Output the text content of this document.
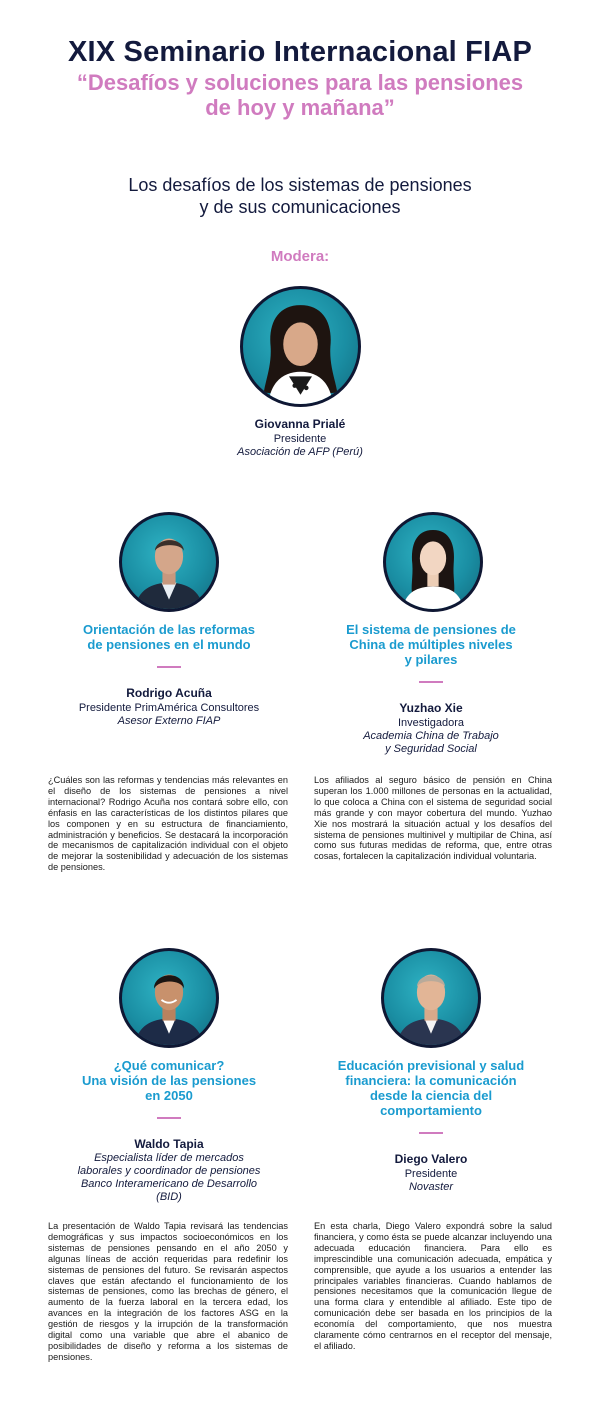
XIX Seminario Internacional FIAP
“Desafíos y soluciones para las pensiones
de hoy y mañana”
Los desafíos de los sistemas de pensiones
y de sus comunicaciones
Modera:
Giovanna Prialé
Presidente
Asociación de AFP (Perú)
Orientación de las reformas
de pensiones en el mundo
Rodrigo Acuña
Presidente PrimAmérica Consultores
Asesor Externo FIAP
¿Cuáles son las reformas y tendencias más relevantes en el diseño de los sistemas de pensiones a nivel internacional? Rodrigo Acuña nos contará sobre ello, con énfasis en las características de los distintos pilares que los componen y en su estructura de financiamiento, administración y beneficios. Se destacará la incorporación de mecanismos de capitalización individual con el objeto de mejorar la sostenibilidad y adecuación de los sistemas de pensiones.
El sistema de pensiones de
China de múltiples niveles
y pilares
Yuzhao Xie
Investigadora
Academia China de Trabajo
y Seguridad Social
Los afiliados al seguro básico de pensión en China superan los 1.000 millones de personas en la actualidad, lo que coloca a China con el sistema de seguridad social más grande y con mayor cobertura del mundo. Yuzhao Xie nos mostrará la situación actual y los desafíos del sistema de pensiones multinivel y multipilar de China, así como sus futuras medidas de reforma, que, entre otras cosas, fortalecen la capitalización individual voluntaria.
¿Qué comunicar?
Una visión de las pensiones
en 2050
Waldo Tapia
Especialista líder de mercados
laborales y coordinador de pensiones
Banco Interamericano de Desarrollo
(BID)
La presentación de Waldo Tapia revisará las tendencias demográficas y sus impactos socioeconómicos en los sistemas de pensiones pensando en el año 2050 y algunas líneas de acción requeridas para redefinir los sistemas de pensiones del futuro. Se revisarán aspectos claves que están afectando el funcionamiento de los sistemas de pensiones, como las brechas de género, el aumento de la fuerza laboral en la tercera edad, los avances en la integración de los factores ASG en la gestión de riesgos y la irrupción de la transformación digital como una variable que abre el abanico de posibilidades de diseño y reforma a los sistemas de pensiones.
Educación previsional y salud
financiera: la comunicación
desde la ciencia del
comportamiento
Diego Valero
Presidente
Novaster
En esta charla, Diego Valero expondrá sobre la salud financiera, y como ésta se puede alcanzar incluyendo una adecuada educación financiera. Para ello es imprescindible una comunicación adecuada, empática y comprensible, que ayude a los usuarios a entender las principales variables financieras. Cuando hablamos de pensiones necesitamos que la comunicación llegue de una forma clara y entendible al afiliado. Este tipo de comunicación debe ser basada en los principios de la economía del comportamiento, que nos muestra claramente cómo centrarnos en el receptor del mensaje, el afiliado.
